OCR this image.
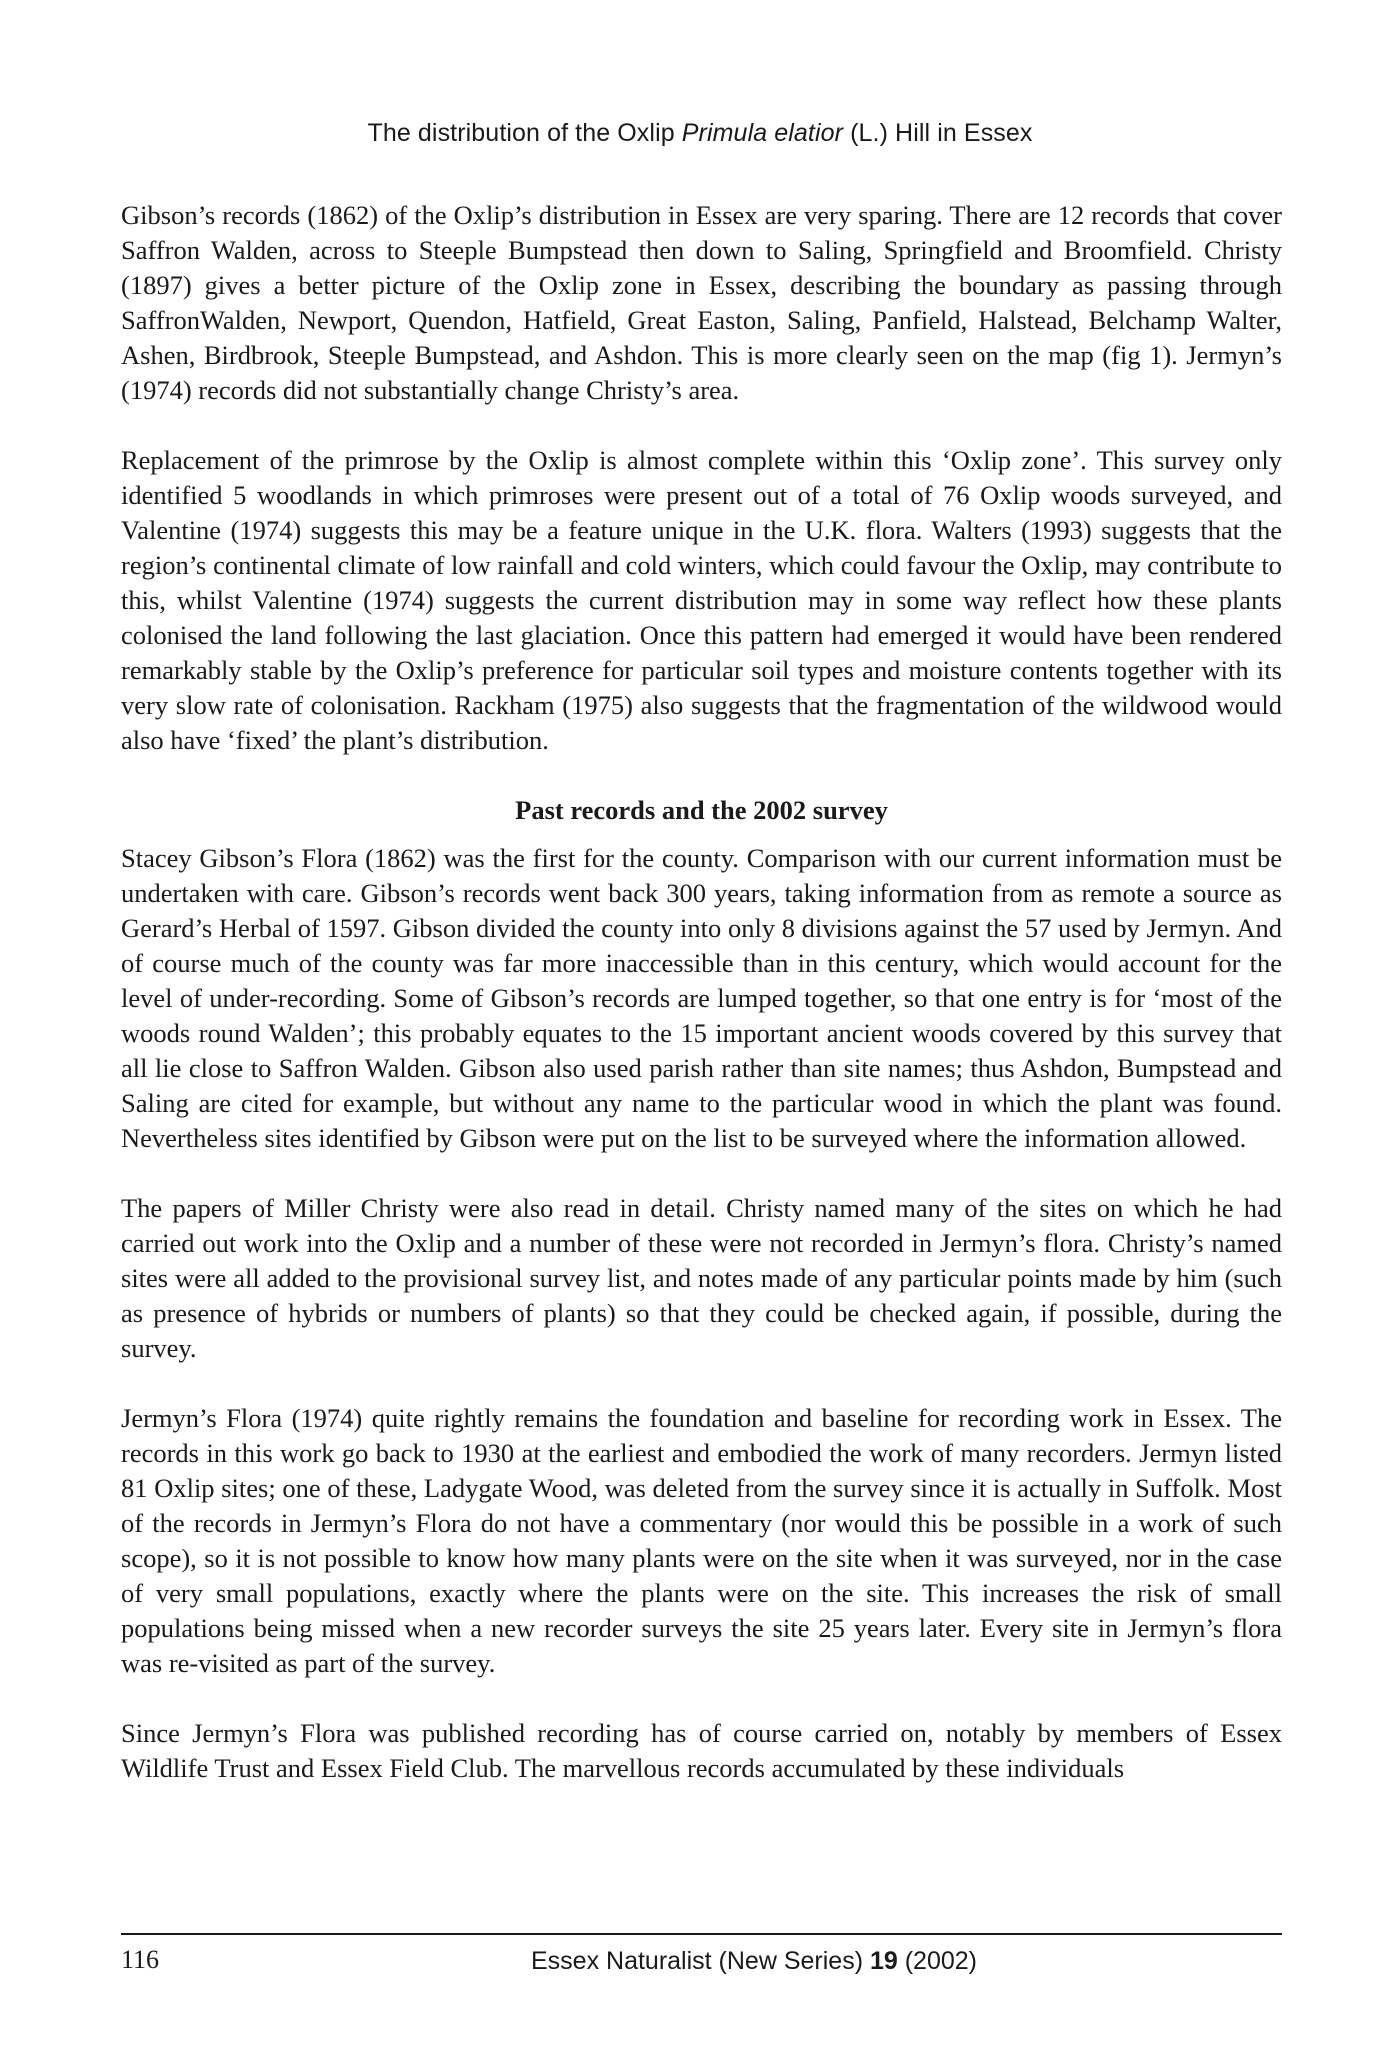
The distribution of the Oxlip Primula elatior (L.) Hill in Essex

Gibson’s records (1862) of the Oxlip’s distribution in Essex are very sparing. There are 12 records that cover Saffron Walden, across to Steeple Bumpstead then down to Saling, Springfield and Broomfield. Christy (1897) gives a better picture of the Oxlip zone in Essex, describing the boundary as passing through SaffronWalden, Newport, Quendon, Hatfield, Great Easton, Saling, Panfield, Halstead, Belchamp Walter, Ashen, Birdbrook, Steeple Bumpstead, and Ashdon. This is more clearly seen on the map (fig 1). Jermyn’s (1974) records did not substantially change Christy’s area.

Replacement of the primrose by the Oxlip is almost complete within this ‘Oxlip zone’. This survey only identified 5 woodlands in which primroses were present out of a total of 76 Oxlip woods surveyed, and Valentine (1974) suggests this may be a feature unique in the U.K. flora. Walters (1993) suggests that the region’s continental climate of low rainfall and cold winters, which could favour the Oxlip, may contribute to this, whilst Valentine (1974) suggests the current distribution may in some way reflect how these plants colonised the land following the last glaciation. Once this pattern had emerged it would have been rendered remarkably stable by the Oxlip’s preference for particular soil types and moisture contents together with its very slow rate of colonisation. Rackham (1975) also suggests that the fragmentation of the wildwood would also have ‘fixed’ the plant’s distribution.

Past records and the 2002 survey

Stacey Gibson’s Flora (1862) was the first for the county. Comparison with our current information must be undertaken with care. Gibson’s records went back 300 years, taking information from as remote a source as Gerard’s Herbal of 1597. Gibson divided the county into only 8 divisions against the 57 used by Jermyn. And of course much of the county was far more inaccessible than in this century, which would account for the level of under-recording. Some of Gibson’s records are lumped together, so that one entry is for ‘most of the woods round Walden’; this probably equates to the 15 important ancient woods covered by this survey that all lie close to Saffron Walden. Gibson also used parish rather than site names; thus Ashdon, Bumpstead and Saling are cited for example, but without any name to the particular wood in which the plant was found. Nevertheless sites identified by Gibson were put on the list to be surveyed where the information allowed.

The papers of Miller Christy were also read in detail. Christy named many of the sites on which he had carried out work into the Oxlip and a number of these were not recorded in Jermyn’s flora. Christy’s named sites were all added to the provisional survey list, and notes made of any particular points made by him (such as presence of hybrids or numbers of plants) so that they could be checked again, if possible, during the survey.

Jermyn’s Flora (1974) quite rightly remains the foundation and baseline for recording work in Essex. The records in this work go back to 1930 at the earliest and embodied the work of many recorders. Jermyn listed 81 Oxlip sites; one of these, Ladygate Wood, was deleted from the survey since it is actually in Suffolk. Most of the records in Jermyn’s Flora do not have a commentary (nor would this be possible in a work of such scope), so it is not possible to know how many plants were on the site when it was surveyed, nor in the case of very small populations, exactly where the plants were on the site. This increases the risk of small populations being missed when a new recorder surveys the site 25 years later. Every site in Jermyn’s flora was re-visited as part of the survey.

Since Jermyn’s Flora was published recording has of course carried on, notably by members of Essex Wildlife Trust and Essex Field Club. The marvellous records accumulated by these individuals

116	Essex Naturalist (New Series) 19 (2002)
